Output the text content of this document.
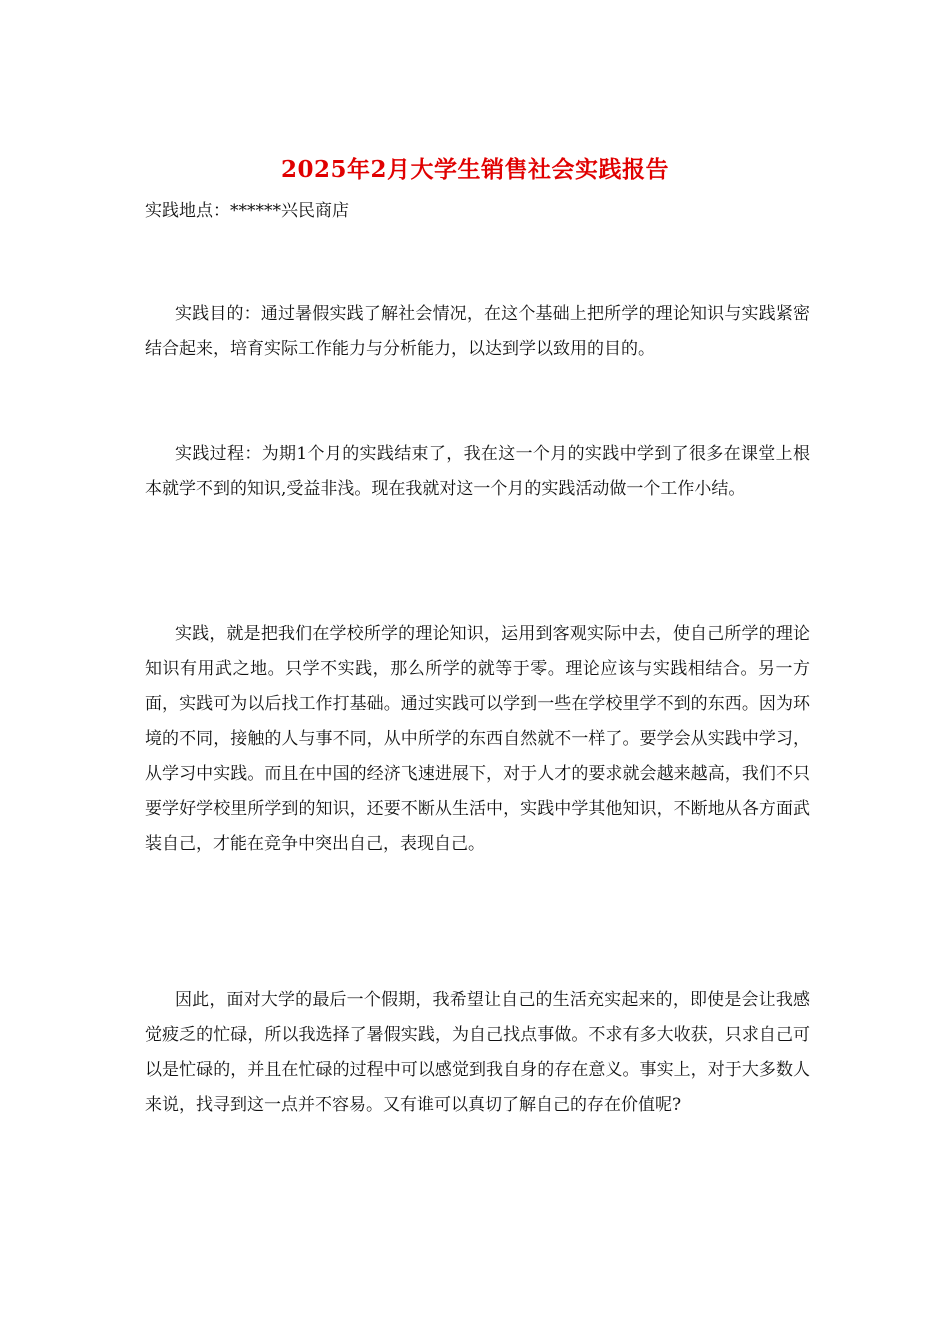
2025年2月大学生销售社会实践报告
实践地点：******兴民商店

实践目的：通过暑假实践了解社会情况，在这个基础上把所学的理论知识与实践紧密结合起来，培育实际工作能力与分析能力，以达到学以致用的目的。

实践过程：为期1个月的实践结束了，我在这一个月的实践中学到了很多在课堂上根本就学不到的知识,受益非浅。现在我就对这一个月的实践活动做一个工作小结。

实践，就是把我们在学校所学的理论知识，运用到客观实际中去，使自己所学的理论知识有用武之地。只学不实践，那么所学的就等于零。理论应该与实践相结合。另一方面，实践可为以后找工作打基础。通过实践可以学到一些在学校里学不到的东西。因为环境的不同，接触的人与事不同，从中所学的东西自然就不一样了。要学会从实践中学习，从学习中实践。而且在中国的经济飞速进展下，对于人才的要求就会越来越高，我们不只要学好学校里所学到的知识，还要不断从生活中，实践中学其他知识，不断地从各方面武装自己，才能在竞争中突出自己，表现自己。

因此，面对大学的最后一个假期，我希望让自己的生活充实起来的，即使是会让我感觉疲乏的忙碌，所以我选择了暑假实践，为自己找点事做。不求有多大收获，只求自己可以是忙碌的，并且在忙碌的过程中可以感觉到我自身的存在意义。事实上，对于大多数人来说，找寻到这一点并不容易。又有谁可以真切了解自己的存在价值呢?
